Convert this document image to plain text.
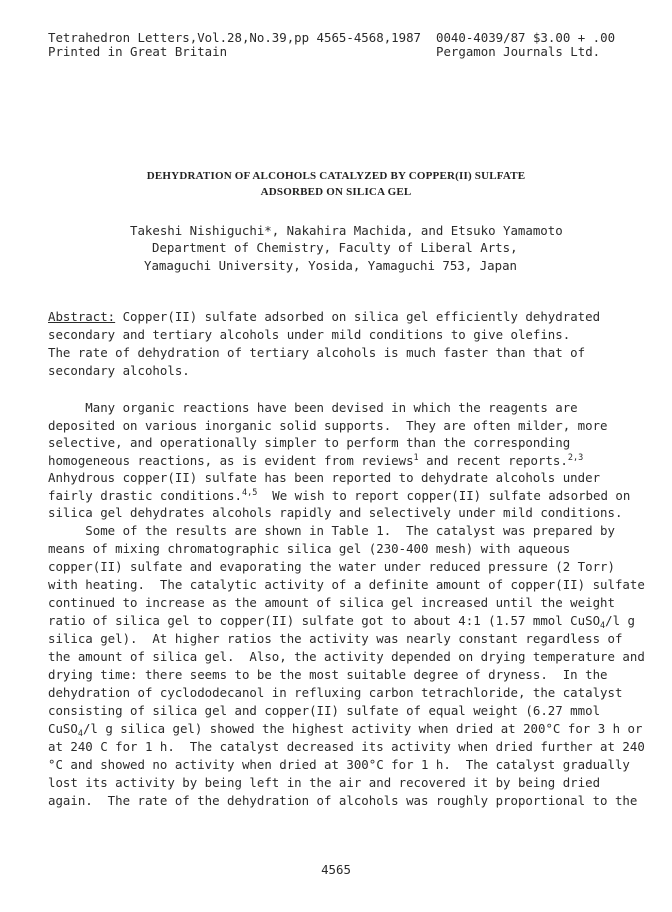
Tetrahedron Letters,Vol.28,No.39,pp 4565-4568,1987 0040-4039/87 $3.00 + .00
Printed in Great Britain	Pergamon Journals Ltd.
DEHYDRATION OF ALCOHOLS CATALYZED BY COPPER(II) SULFATE
ADSORBED ON SILICA GEL
Takeshi Nishiguchi*, Nakahira Machida, and Etsuko Yamamoto
Department of Chemistry, Faculty of Liberal Arts,
Yamaguchi University, Yosida, Yamaguchi 753, Japan
Abstract: Copper(II) sulfate adsorbed on silica gel efficiently dehydrated
secondary and tertiary alcohols under mild conditions to give olefins.
The rate of dehydration of tertiary alcohols is much faster than that of
secondary alcohols.
Many organic reactions have been devised in which the reagents are
deposited on various inorganic solid supports.  They are often milder, more
selective, and operationally simpler to perform than the corresponding
homogeneous reactions, as is evident from reviews$^1$ and recent reports.$^{2,3}$
Anhydrous copper(II) sulfate has been reported to dehydrate alcohols under
fairly drastic conditions.$^{4,5}$  We wish to report copper(II) sulfate adsorbed on
silica gel dehydrates alcohols rapidly and selectively under mild conditions.
Some of the results are shown in Table 1.  The catalyst was prepared by
means of mixing chromatographic silica gel (230-400 mesh) with aqueous
copper(II) sulfate and evaporating the water under reduced pressure (2 Torr)
with heating.  The catalytic activity of a definite amount of copper(II) sulfate
continued to increase as the amount of silica gel increased until the weight
ratio of silica gel to copper(II) sulfate got to about 4:1 (1.57 mmol CuSO$_4$/l g
silica gel).  At higher ratios the activity was nearly constant regardless of
the amount of silica gel.  Also, the activity depended on drying temperature and
drying time: there seems to be the most suitable degree of dryness.  In the
dehydration of cyclododecanol in refluxing carbon tetrachloride, the catalyst
consisting of silica gel and copper(II) sulfate of equal weight (6.27 mmol
CuSO$_4$/l g silica gel) showed the highest activity when dried at 200°C for 3 h or
at 240 C for 1 h.  The catalyst decreased its activity when dried further at 240
°C and showed no activity when dried at 300°C for 1 h.  The catalyst gradually
lost its activity by being left in the air and recovered it by being dried
again.  The rate of the dehydration of alcohols was roughly proportional to the
4565
